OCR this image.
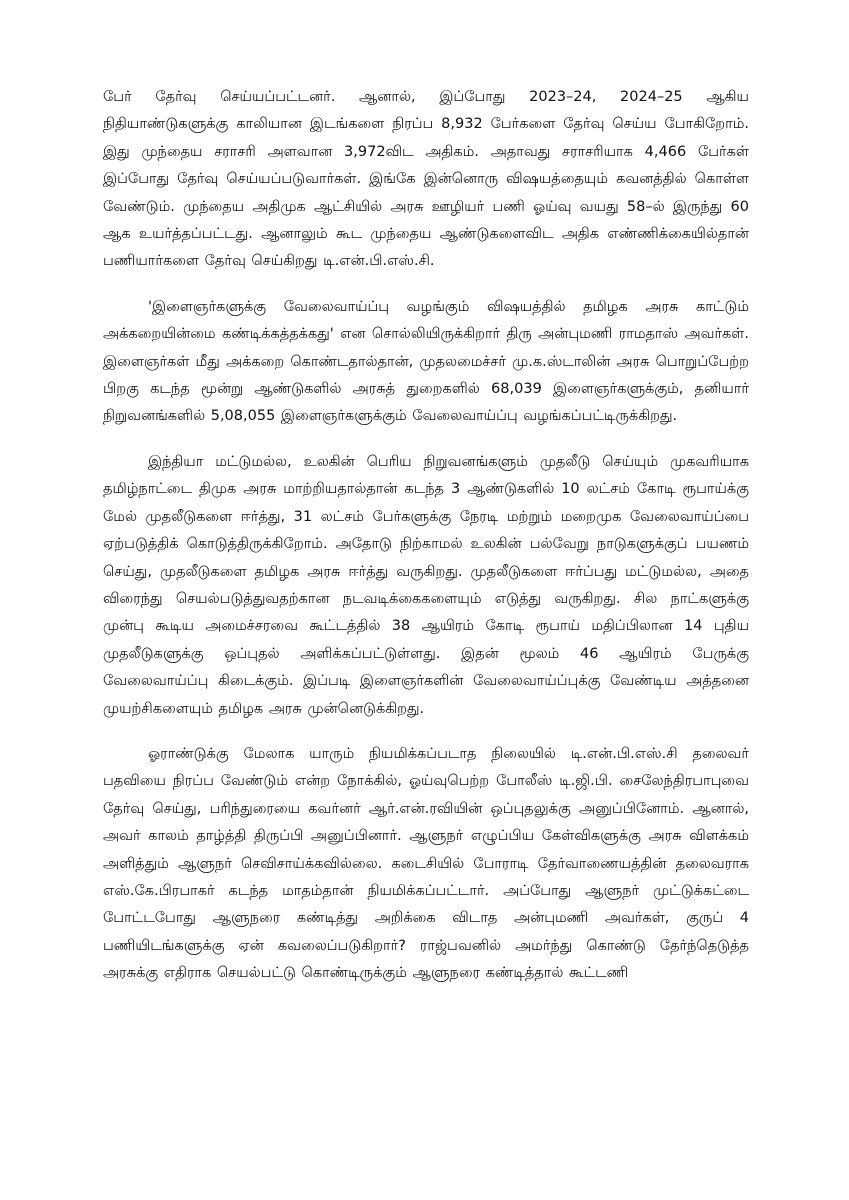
பேர் தேர்வு செய்யப்பட்டனர். ஆனால், இப்போது 2023–24, 2024–25 ஆகிய நிதியாண்டுகளுக்கு காலியான இடங்களை நிரப்ப 8,932 பேர்களை தேர்வு செய்ய போகிறோம். இது முந்தைய சராசரி அளவான 3,972விட அதிகம். அதாவது சராசரியாக 4,466 பேர்கள் இப்போது தேர்வு செய்யப்படுவார்கள். இங்கே இன்னொரு விஷயத்தையும் கவனத்தில் கொள்ள வேண்டும். முந்தைய அதிமுக ஆட்சியில் அரசு ஊழியர் பணி ஓய்வு வயது 58–ல் இருந்து 60 ஆக உயர்த்தப்பட்டது. ஆனாலும் கூட முந்தைய ஆண்டுகளைவிட அதிக எண்ணிக்கையில்தான் பணியார்களை தேர்வு செய்கிறது டி.என்.பி.எஸ்.சி.

'இளைஞர்களுக்கு வேலைவாய்ப்பு வழங்கும் விஷயத்தில் தமிழக அரசு காட்டும் அக்கறையின்மை கண்டிக்கத்தக்கது' என சொல்லியிருக்கிறார் திரு அன்புமணி ராமதாஸ் அவர்கள். இளைஞர்கள் மீது அக்கறை கொண்டதால்தான், முதலமைச்சர் மு.க.ஸ்டாலின் அரசு பொறுப்பேற்ற பிறகு கடந்த மூன்று ஆண்டுகளில் அரசுத் துறைகளில் 68,039 இளைஞர்களுக்கும், தனியார் நிறுவனங்களில் 5,08,055 இளைஞர்களுக்கும் வேலைவாய்ப்பு வழங்கப்பட்டிருக்கிறது.

இந்தியா மட்டுமல்ல, உலகின் பெரிய நிறுவனங்களும் முதலீடு செய்யும் முகவரியாக தமிழ்நாட்டை திமுக அரசு மாற்றியதால்தான் கடந்த 3 ஆண்டுகளில் 10 லட்சம் கோடி ரூபாய்க்கு மேல் முதலீடுகளை ஈர்த்து, 31 லட்சம் பேர்களுக்கு நேரடி மற்றும் மறைமுக வேலைவாய்ப்பை ஏற்படுத்திக் கொடுத்திருக்கிறோம். அதோடு நிற்காமல் உலகின் பல்வேறு நாடுகளுக்குப் பயணம் செய்து, முதலீடுகளை தமிழக அரசு ஈர்த்து வருகிறது. முதலீடுகளை ஈர்ப்பது மட்டுமல்ல, அதை விரைந்து செயல்படுத்துவதற்கான நடவடிக்கைகளையும் எடுத்து வருகிறது. சில நாட்களுக்கு முன்பு கூடிய அமைச்சரவை கூட்டத்தில் 38 ஆயிரம் கோடி ரூபாய் மதிப்பிலான 14 புதிய முதலீடுகளுக்கு ஒப்புதல் அளிக்கப்பட்டுள்ளது. இதன் மூலம் 46 ஆயிரம் பேருக்கு வேலைவாய்ப்பு கிடைக்கும். இப்படி இளைஞர்களின் வேலைவாய்ப்புக்கு வேண்டிய அத்தனை முயற்சிகளையும் தமிழக அரசு முன்னெடுக்கிறது.

ஓராண்டுக்கு மேலாக யாரும் நியமிக்கப்படாத நிலையில் டி.என்.பி.எஸ்.சி தலைவர் பதவியை நிரப்ப வேண்டும் என்ற நோக்கில், ஓய்வுபெற்ற போலீஸ் டி.ஜி.பி. சைலேந்திரபாபுவை தேர்வு செய்து, பரிந்துரையை கவர்னர் ஆர்.என்.ரவியின் ஒப்புதலுக்கு அனுப்பினோம். ஆனால், அவர் காலம் தாழ்த்தி திருப்பி அனுப்பினார். ஆளுநர் எழுப்பிய கேள்விகளுக்கு அரசு விளக்கம் அளித்தும் ஆளுநர் செவிசாய்க்கவில்லை. கடைசியில் போராடி தேர்வாணையத்தின் தலைவராக எஸ்.கே.பிரபாகர் கடந்த மாதம்தான் நியமிக்கப்பட்டார். அப்போது ஆளுநர் முட்டுக்கட்டை போட்டபோது ஆளுநரை கண்டித்து அறிக்கை விடாத அன்புமணி அவர்கள், குருப் 4 பணியிடங்களுக்கு ஏன் கவலைப்படுகிறார்? ராஜ்பவனில் அமர்ந்து கொண்டு தேர்ந்தெடுத்த அரசுக்கு எதிராக செயல்பட்டு கொண்டிருக்கும் ஆளுநரை கண்டித்தால் கூட்டணி
